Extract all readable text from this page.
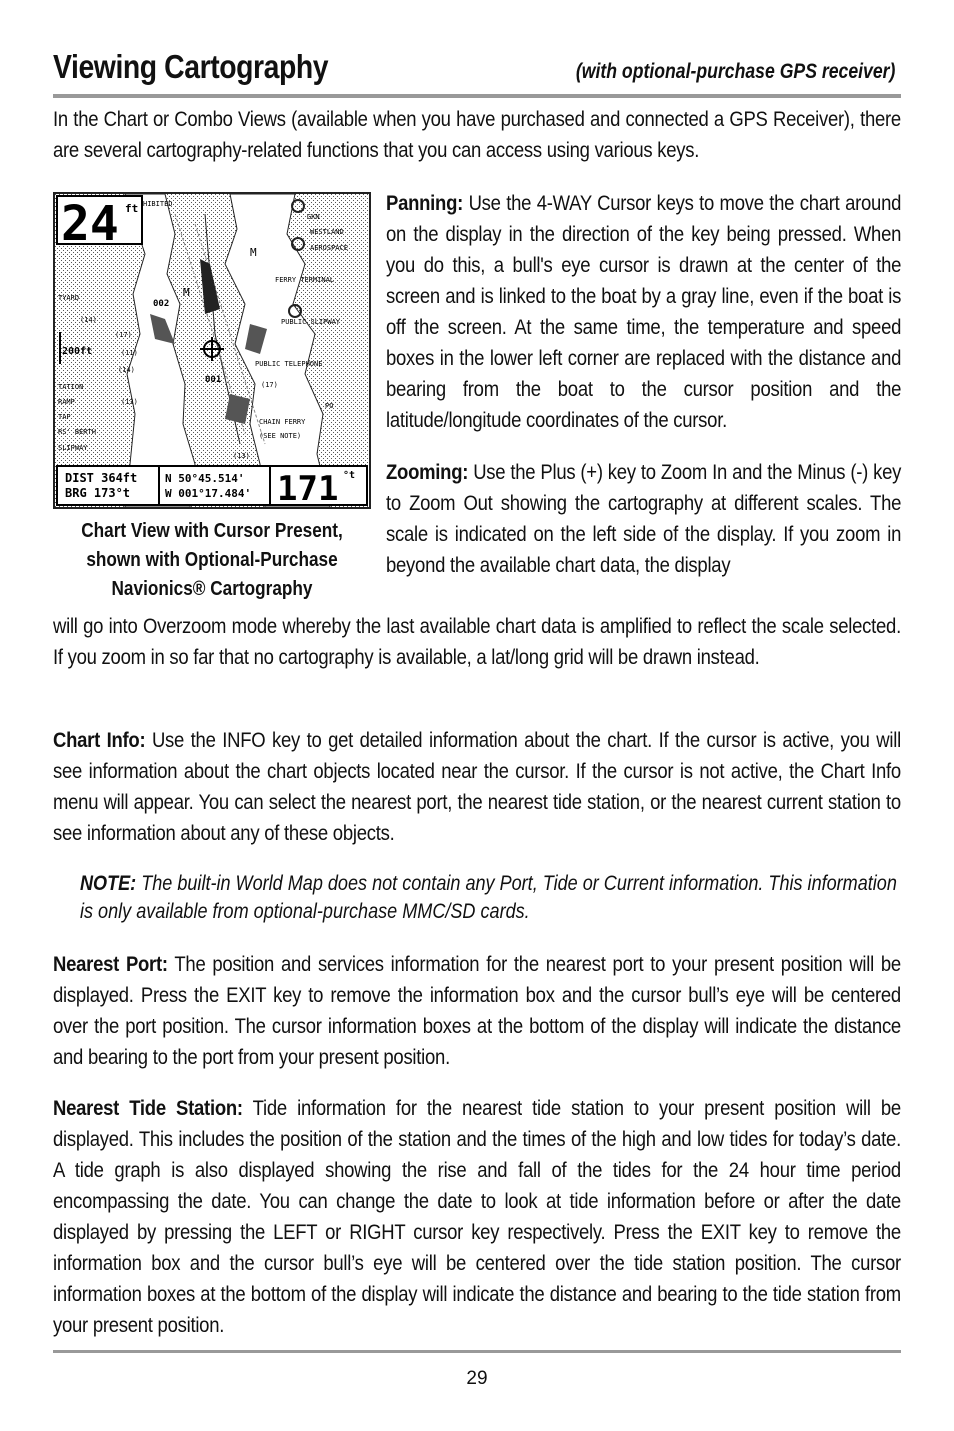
Viewing Cartography	(with optional-purchase GPS receiver)
In the Chart or Combo Views (available when you have purchased and connected a GPS Receiver), there are several cartography-related functions that you can access using various keys.
24 ft HIBITED
GKN
WESTLAND
AEROSPACE
FERRY TERMINAL
PUBLIC SLIPWAY
PUBLIC TELEPHONE
CHAIN FERRY
(SEE NOTE)
TYARD
TATION
RAMP
TAP
RS' BERTH
SLIPWAY
(14)
(17)
(11)
(14)
(13)
(17)
(13)
M
M
002
001
PO
200ft
DIST 364ft
BRG 173°t
N 50°45.514'
W 001°17.484' 171 °t
Chart View with Cursor Present,
shown with Optional-Purchase
Navionics® Cartography
Panning: Use the 4-WAY Cursor keys to move the chart around on the display in the direction of the key being pressed. When you do this, a bull's eye cursor is drawn at the center of the screen and is linked to the boat by a gray line, even if the boat is off the screen. At the same time, the temperature and speed boxes in the lower left corner are replaced with the distance and bearing from the boat to the cursor position and the latitude/longitude coordinates of the cursor.
Zooming: Use the Plus (+) key to Zoom In and the Minus (-) key to Zoom Out showing the cartography at different scales. The scale is indicated on the left side of the display. If you zoom in beyond the available chart data, the display
will go into Overzoom mode whereby the last available chart data is amplified to reflect the scale selected. If you zoom in so far that no cartography is available, a lat/long grid will be drawn instead.
Chart Info: Use the INFO key to get detailed information about the chart. If the cursor is active, you will see information about the chart objects located near the cursor. If the cursor is not active, the Chart Info menu will appear. You can select the nearest port, the nearest tide station, or the nearest current station to see information about any of these objects.
NOTE: The built-in World Map does not contain any Port, Tide or Current information. This information is only available from optional-purchase MMC/SD cards.
Nearest Port: The position and services information for the nearest port to your present position will be displayed. Press the EXIT key to remove the information box and the cursor bull’s eye will be centered over the port position. The cursor information boxes at the bottom of the display will indicate the distance and bearing to the port from your present position.
Nearest Tide Station: Tide information for the nearest tide station to your present position will be displayed. This includes the position of the station and the times of the high and low tides for today’s date. A tide graph is also displayed showing the rise and fall of the tides for the 24 hour time period encompassing the date. You can change the date to look at tide information before or after the date displayed by pressing the LEFT or RIGHT cursor key respectively. Press the EXIT key to remove the information box and the cursor bull’s eye will be centered over the tide station position. The cursor information boxes at the bottom of the display will indicate the distance and bearing to the tide station from your present position.
29
